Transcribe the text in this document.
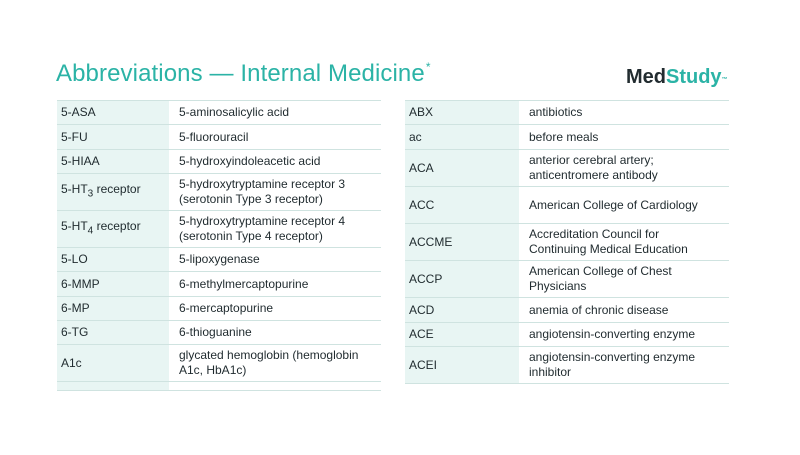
Abbreviations — Internal Medicine*	MedStudy™
5-ASA	5-aminosalicylic acid
5-FU	5-fluorouracil
5-HIAA	5-hydroxyindoleacetic acid
$5-HT_3$ receptor	5-hydroxytryptamine receptor 3
(serotonin Type 3 receptor)

$5-HT_4$ receptor	5-hydroxytryptamine receptor 4
(serotonin Type 4 receptor)

5-LO	5-lipoxygenase
6-MMP	6-methylmercaptopurine
6-MP	6-mercaptopurine
6-TG	6-thioguanine
A1c	glycated hemoglobin (hemoglobin
A1c, HbA1c)

ABX	antibiotics
ac	before meals
ACA	anterior cerebral artery;
anticentromere antibody

ACC	American College of Cardiology
ACCME	Accreditation Council for
Continuing Medical Education

ACCP	American College of Chest
Physicians

ACD	anemia of chronic disease
ACE	angiotensin-converting enzyme
ACEI	angiotensin-converting enzyme
inhibitor
